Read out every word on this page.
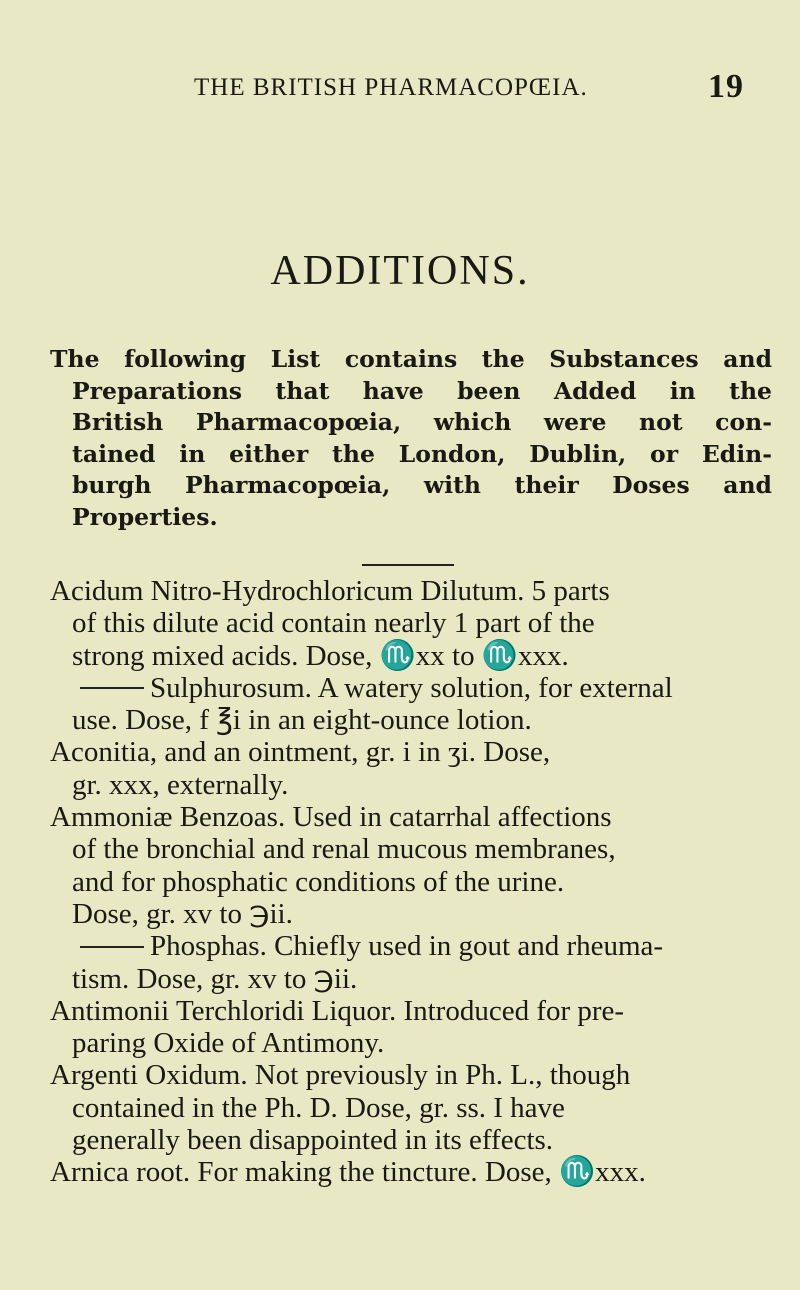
THE BRITISH PHARMACOPŒIA.	19
ADDITIONS.
The following List contains the Substances and
Preparations that have been Added in the
British Pharmacopœia, which were not con-
tained in either the London, Dublin, or Edin-
burgh Pharmacopœia, with their Doses and
Properties.
Acidum Nitro-Hydrochloricum Dilutum. 5 parts
of this dilute acid contain nearly 1 part of the
strong mixed acids. Dose, ♏xx to ♏xxx.
Sulphurosum. A watery solution, for external
use. Dose, f ℥i in an eight-ounce lotion.
Aconitia, and an ointment, gr. i in ʒi. Dose,
gr. xxx, externally.
Ammoniæ Benzoas. Used in catarrhal affections
of the bronchial and renal mucous membranes,
and for phosphatic conditions of the urine.
Dose, gr. xv to ℈ii.
Phosphas. Chiefly used in gout and rheuma-
tism. Dose, gr. xv to ℈ii.
Antimonii Terchloridi Liquor. Introduced for pre-
paring Oxide of Antimony.
Argenti Oxidum. Not previously in Ph. L., though
contained in the Ph. D. Dose, gr. ss. I have
generally been disappointed in its effects.
Arnica root. For making the tincture. Dose, ♏xxx.
